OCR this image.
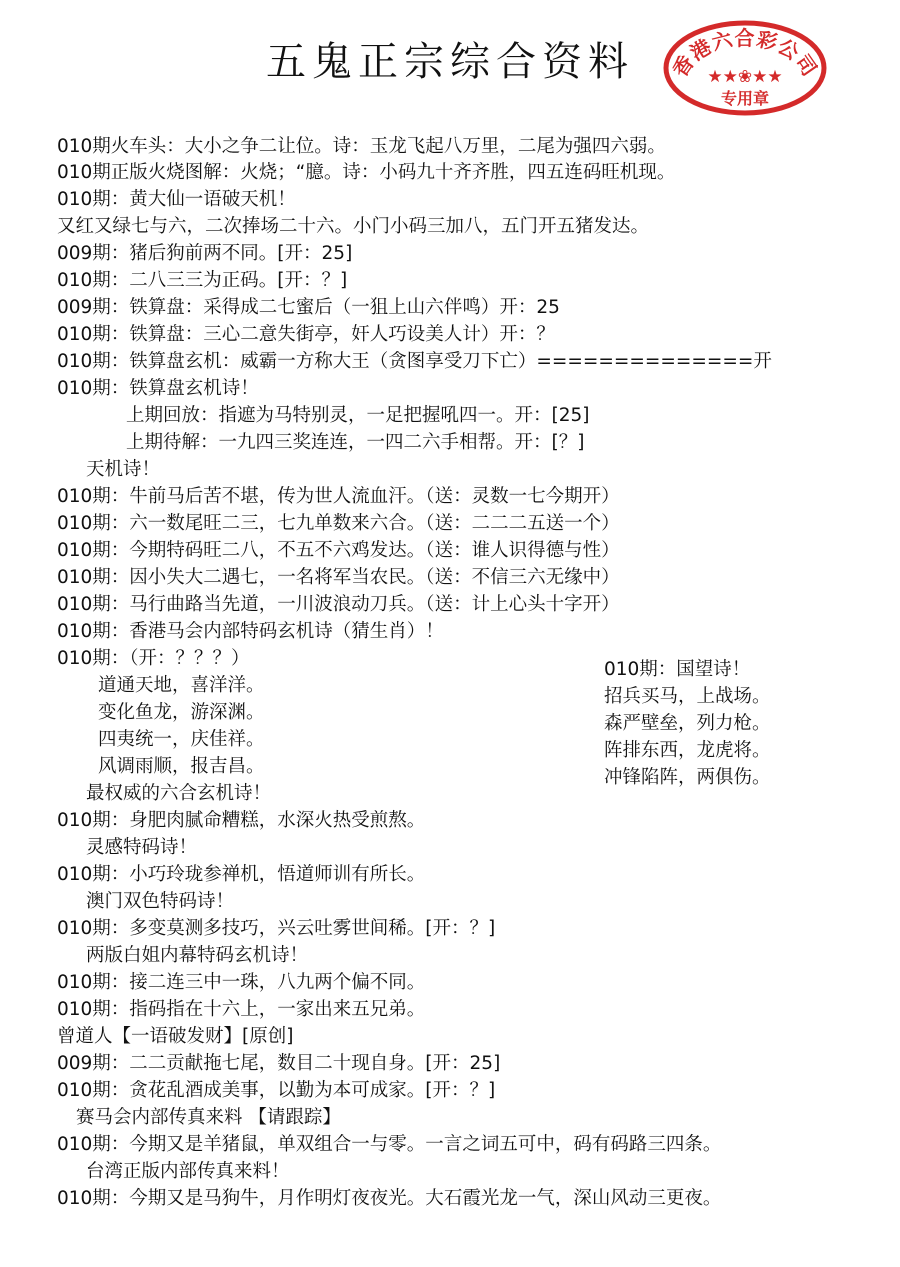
五鬼正宗综合资料	香港六合彩公司
★★❀★★
专用章
010期火车头：大小之争二让位。诗：玉龙飞起八万里，二尾为强四六弱。
010期正版火烧图解：火烧；“臆。诗：小码九十齐齐胜，四五连码旺机现。
010期：黄大仙一语破天机！
又红又绿七与六，二次捧场二十六。小门小码三加八，五门开五猪发达。
009期：猪后狗前两不同。[开：25]
010期：二八三三为正码。[开：？]
009期：铁算盘：采得成二七蜜后（一狙上山六伴鸣）开：25
010期：铁算盘：三心二意失街亭，奸人巧设美人计）开：？
010期：铁算盘玄机：威霸一方称大王（贪图享受刀下亡）==============开
010期：铁算盘玄机诗！
上期回放：指遮为马特别灵，一足把握吼四一。开：[25]
上期待解：一九四三奖连连，一四二六手相帮。开：[？]
天机诗！
010期：牛前马后苦不堪，传为世人流血汗。（送：灵数一七今期开）
010期：六一数尾旺二三，七九单数来六合。（送：二二二五送一个）
010期：今期特码旺二八，不五不六鸡发达。（送：谁人识得德与性）
010期：因小失大二遇七，一名将军当农民。（送：不信三六无缘中）
010期：马行曲路当先道，一川波浪动刀兵。（送：计上心头十字开）
010期：香港马会内部特码玄机诗（猜生肖）！
010期：（开：？？？）
道通天地，喜洋洋。
变化鱼龙，游深渊。
四夷统一，庆佳祥。
风调雨顺，报吉昌。
最权威的六合玄机诗！
010期：身肥肉腻命糟糕，水深火热受煎熬。
灵感特码诗！
010期：小巧玲珑参禅机，悟道师训有所长。
澳门双色特码诗！
010期：多变莫测多技巧，兴云吐雾世间稀。[开：？]
两版白姐内幕特码玄机诗！
010期：接二连三中一珠，八九两个偏不同。
010期：指码指在十六上，一家出来五兄弟。
曾道人【一语破发财】[原创]
009期：二二贡献拖七尾，数目二十现自身。[开：25]
010期：贪花乱酒成美事，以勤为本可成家。[开：？]
赛马会内部传真来料 【请跟踪】
010期：今期又是羊猪鼠，单双组合一与零。一言之词五可中，码有码路三四条。
台湾正版内部传真来料！
010期：今期又是马狗牛，月作明灯夜夜光。大石霞光龙一气，深山风动三更夜。
010期：国望诗！
招兵买马，上战场。
森严壁垒，列力枪。
阵排东西，龙虎将。
冲锋陷阵，两俱伤。
